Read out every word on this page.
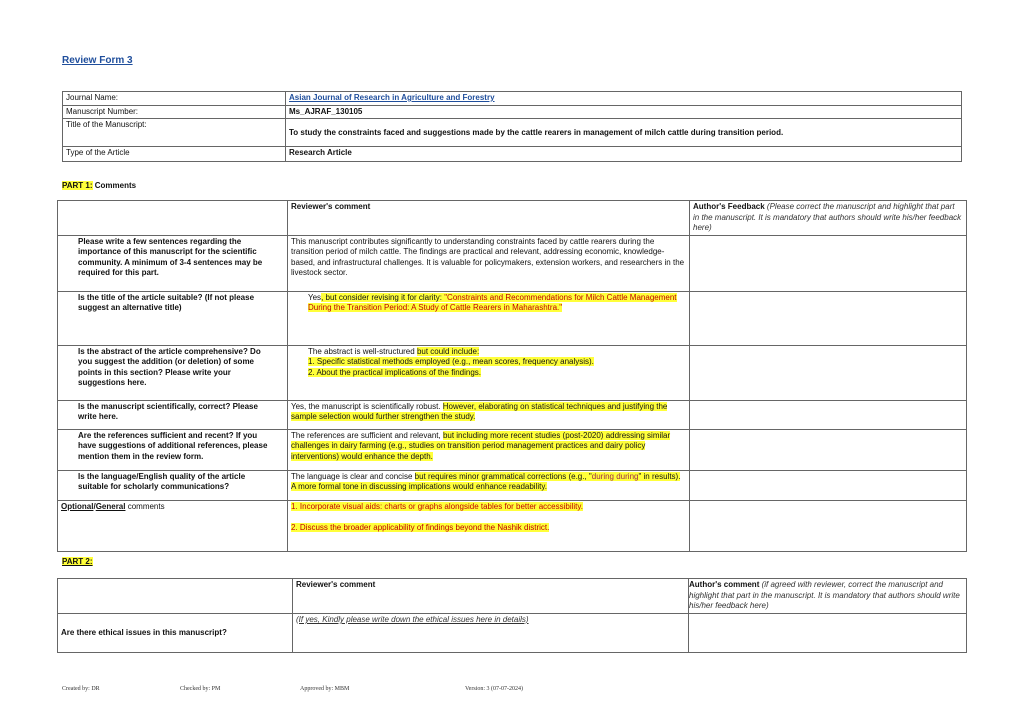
Review Form 3
Journal Name:	Asian Journal of Research in Agriculture and Forestry
Manuscript Number:	Ms_AJRAF_130105
Title of the Manuscript:	To study the constraints faced and suggestions made by the cattle rearers in management of milch cattle during transition period.
Type of the Article	Research Article
PART 1: Comments
	Reviewer's comment	Author's Feedback (Please correct the manuscript and highlight that part in the manuscript. It is mandatory that authors should write his/her feedback here)
Please write a few sentences regarding the importance of this manuscript for the scientific community. A minimum of 3-4 sentences may be required for this part.	This manuscript contributes significantly to understanding constraints faced by cattle rearers during the transition period of milch cattle. The findings are practical and relevant, addressing economic, knowledge-based, and infrastructural challenges. It is valuable for policymakers, extension workers, and researchers in the livestock sector.	
Is the title of the article suitable? (If not please suggest an alternative title)	Yes, but consider revising it for clarity: "Constraints and Recommendations for Milch Cattle Management During the Transition Period: A Study of Cattle Rearers in Maharashtra."	
Is the abstract of the article comprehensive? Do you suggest the addition (or deletion) of some points in this section? Please write your suggestions here.	The abstract is well-structured but could include:
1. Specific statistical methods employed (e.g., mean scores, frequency analysis).
2. About the practical implications of the findings.	
Is the manuscript scientifically, correct? Please write here.	Yes, the manuscript is scientifically robust. However, elaborating on statistical techniques and justifying the sample selection would further strengthen the study.	
Are the references sufficient and recent? If you have suggestions of additional references, please mention them in the review form.	The references are sufficient and relevant, but including more recent studies (post-2020) addressing similar challenges in dairy farming (e.g., studies on transition period management practices and dairy policy interventions) would enhance the depth.	
Is the language/English quality of the article suitable for scholarly communications?	The language is clear and concise but requires minor grammatical corrections (e.g., "during during" in results). A more formal tone in discussing implications would enhance readability.	
Optional/General comments	1. Incorporate visual aids: charts or graphs alongside tables for better accessibility.

2. Discuss the broader applicability of findings beyond the Nashik district.	
PART 2:
	Reviewer's comment	Author's comment (if agreed with reviewer, correct the manuscript and highlight that part in the manuscript. It is mandatory that authors should write his/her feedback here)
Are there ethical issues in this manuscript?	(If yes, Kindly please write down the ethical issues here in details)	
Created by: DR	Checked by: PM	Approved by: MBM	Version: 3 (07-07-2024)
